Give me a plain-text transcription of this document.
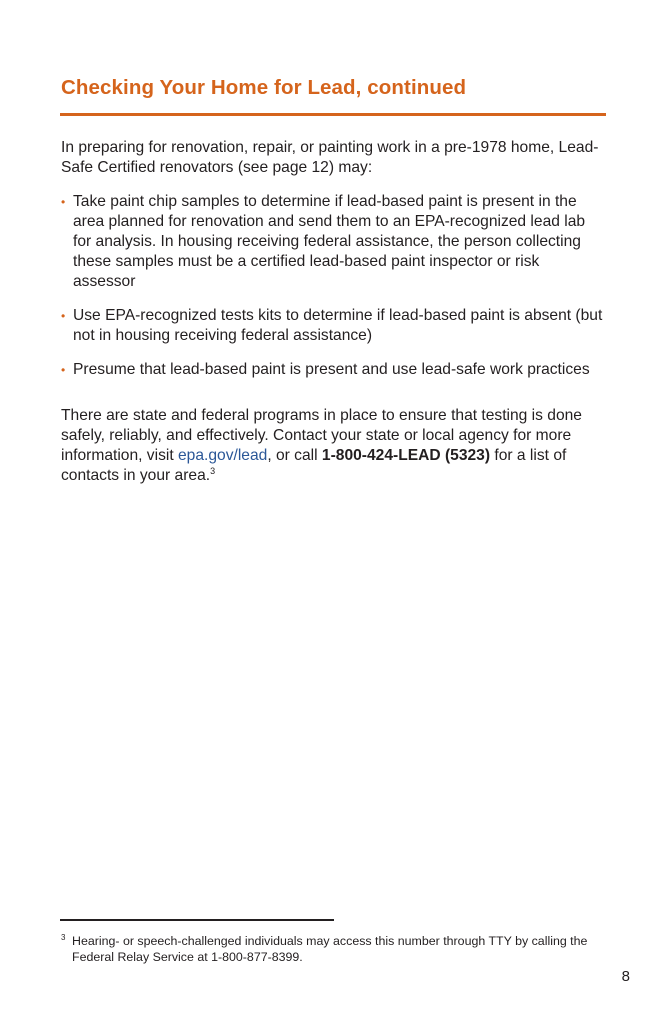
Checking Your Home for Lead, continued

In preparing for renovation, repair, or painting work in a pre-1978 home, Lead-Safe Certified renovators (see page 12) may:

• Take paint chip samples to determine if lead-based paint is present in the area planned for renovation and send them to an EPA-recognized lead lab for analysis. In housing receiving federal assistance, the person collecting these samples must be a certified lead-based paint inspector or risk assessor
• Use EPA-recognized tests kits to determine if lead-based paint is absent (but not in housing receiving federal assistance)
• Presume that lead-based paint is present and use lead-safe work practices

There are state and federal programs in place to ensure that testing is done safely, reliably, and effectively. Contact your state or local agency for more information, visit epa.gov/lead, or call 1-800-424-LEAD (5323) for a list of contacts in your area.$^3$

3 Hearing- or speech-challenged individuals may access this number through TTY by calling the Federal Relay Service at 1-800-877-8399.
8
